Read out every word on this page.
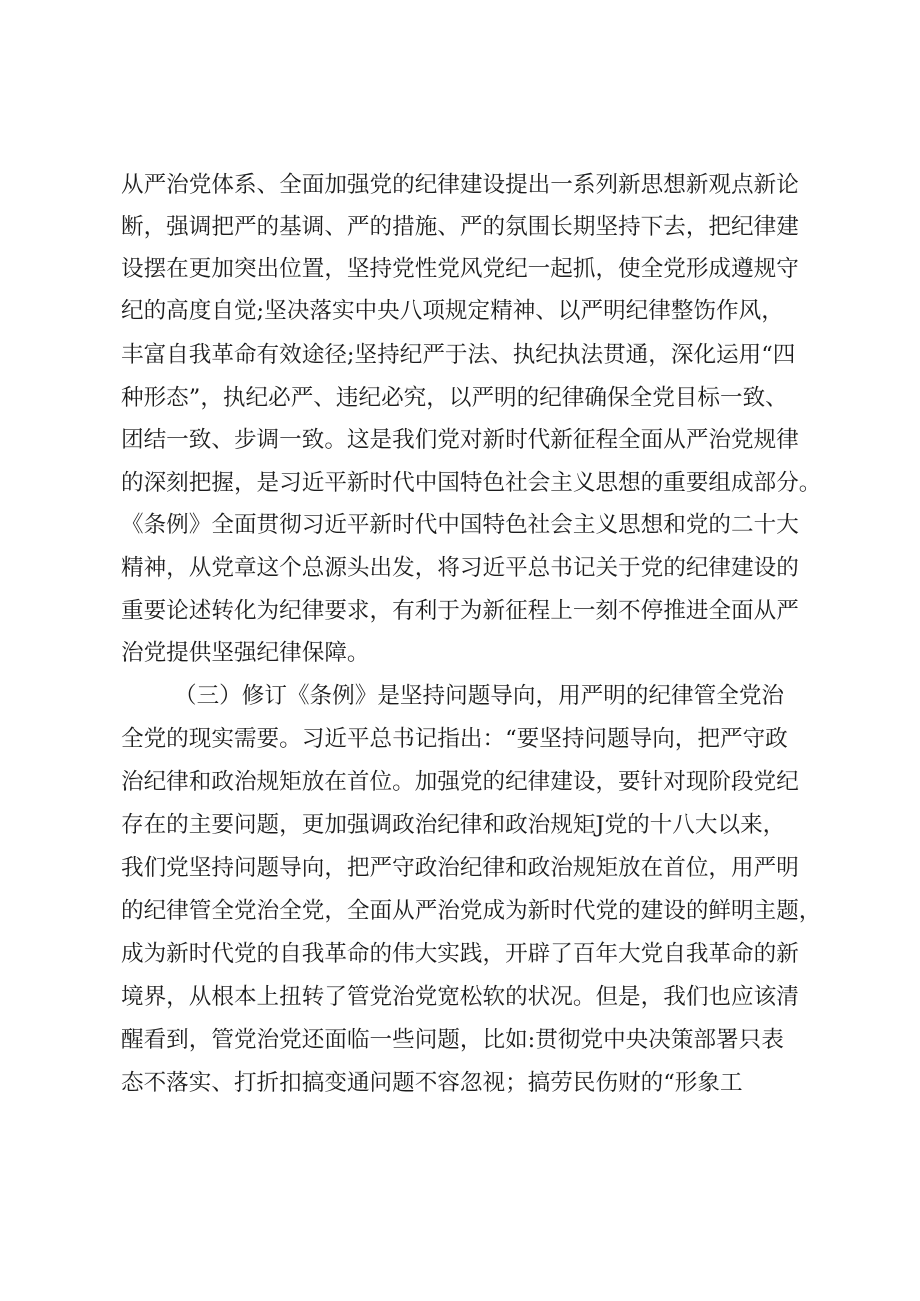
从严治党体系、全面加强党的纪律建设提出一系列新思想新观点新论
断，强调把严的基调、严的措施、严的氛围长期坚持下去，把纪律建
设摆在更加突出位置，坚持党性党风党纪一起抓，使全党形成遵规守
纪的高度自觉;坚决落实中央八项规定精神、以严明纪律整饬作风，
丰富自我革命有效途径;坚持纪严于法、执纪执法贯通，深化运用“四
种形态”，执纪必严、违纪必究，以严明的纪律确保全党目标一致、
团结一致、步调一致。这是我们党对新时代新征程全面从严治党规律
的深刻把握，是习近平新时代中国特色社会主义思想的重要组成部分。
《条例》全面贯彻习近平新时代中国特色社会主义思想和党的二十大
精神，从党章这个总源头出发，将习近平总书记关于党的纪律建设的
重要论述转化为纪律要求，有利于为新征程上一刻不停推进全面从严
治党提供坚强纪律保障。
（三）修订《条例》是坚持问题导向，用严明的纪律管全党治
全党的现实需要。习近平总书记指出：“要坚持问题导向，把严守政
治纪律和政治规矩放在首位。加强党的纪律建设，要针对现阶段党纪
存在的主要问题，更加强调政治纪律和政治规矩J党的十八大以来，
我们党坚持问题导向，把严守政治纪律和政治规矩放在首位，用严明
的纪律管全党治全党，全面从严治党成为新时代党的建设的鲜明主题，
成为新时代党的自我革命的伟大实践，开辟了百年大党自我革命的新
境界，从根本上扭转了管党治党宽松软的状况。但是，我们也应该清
醒看到，管党治党还面临一些问题，比如:贯彻党中央决策部署只表
态不落实、打折扣搞变通问题不容忽视；搞劳民伤财的“形象工
